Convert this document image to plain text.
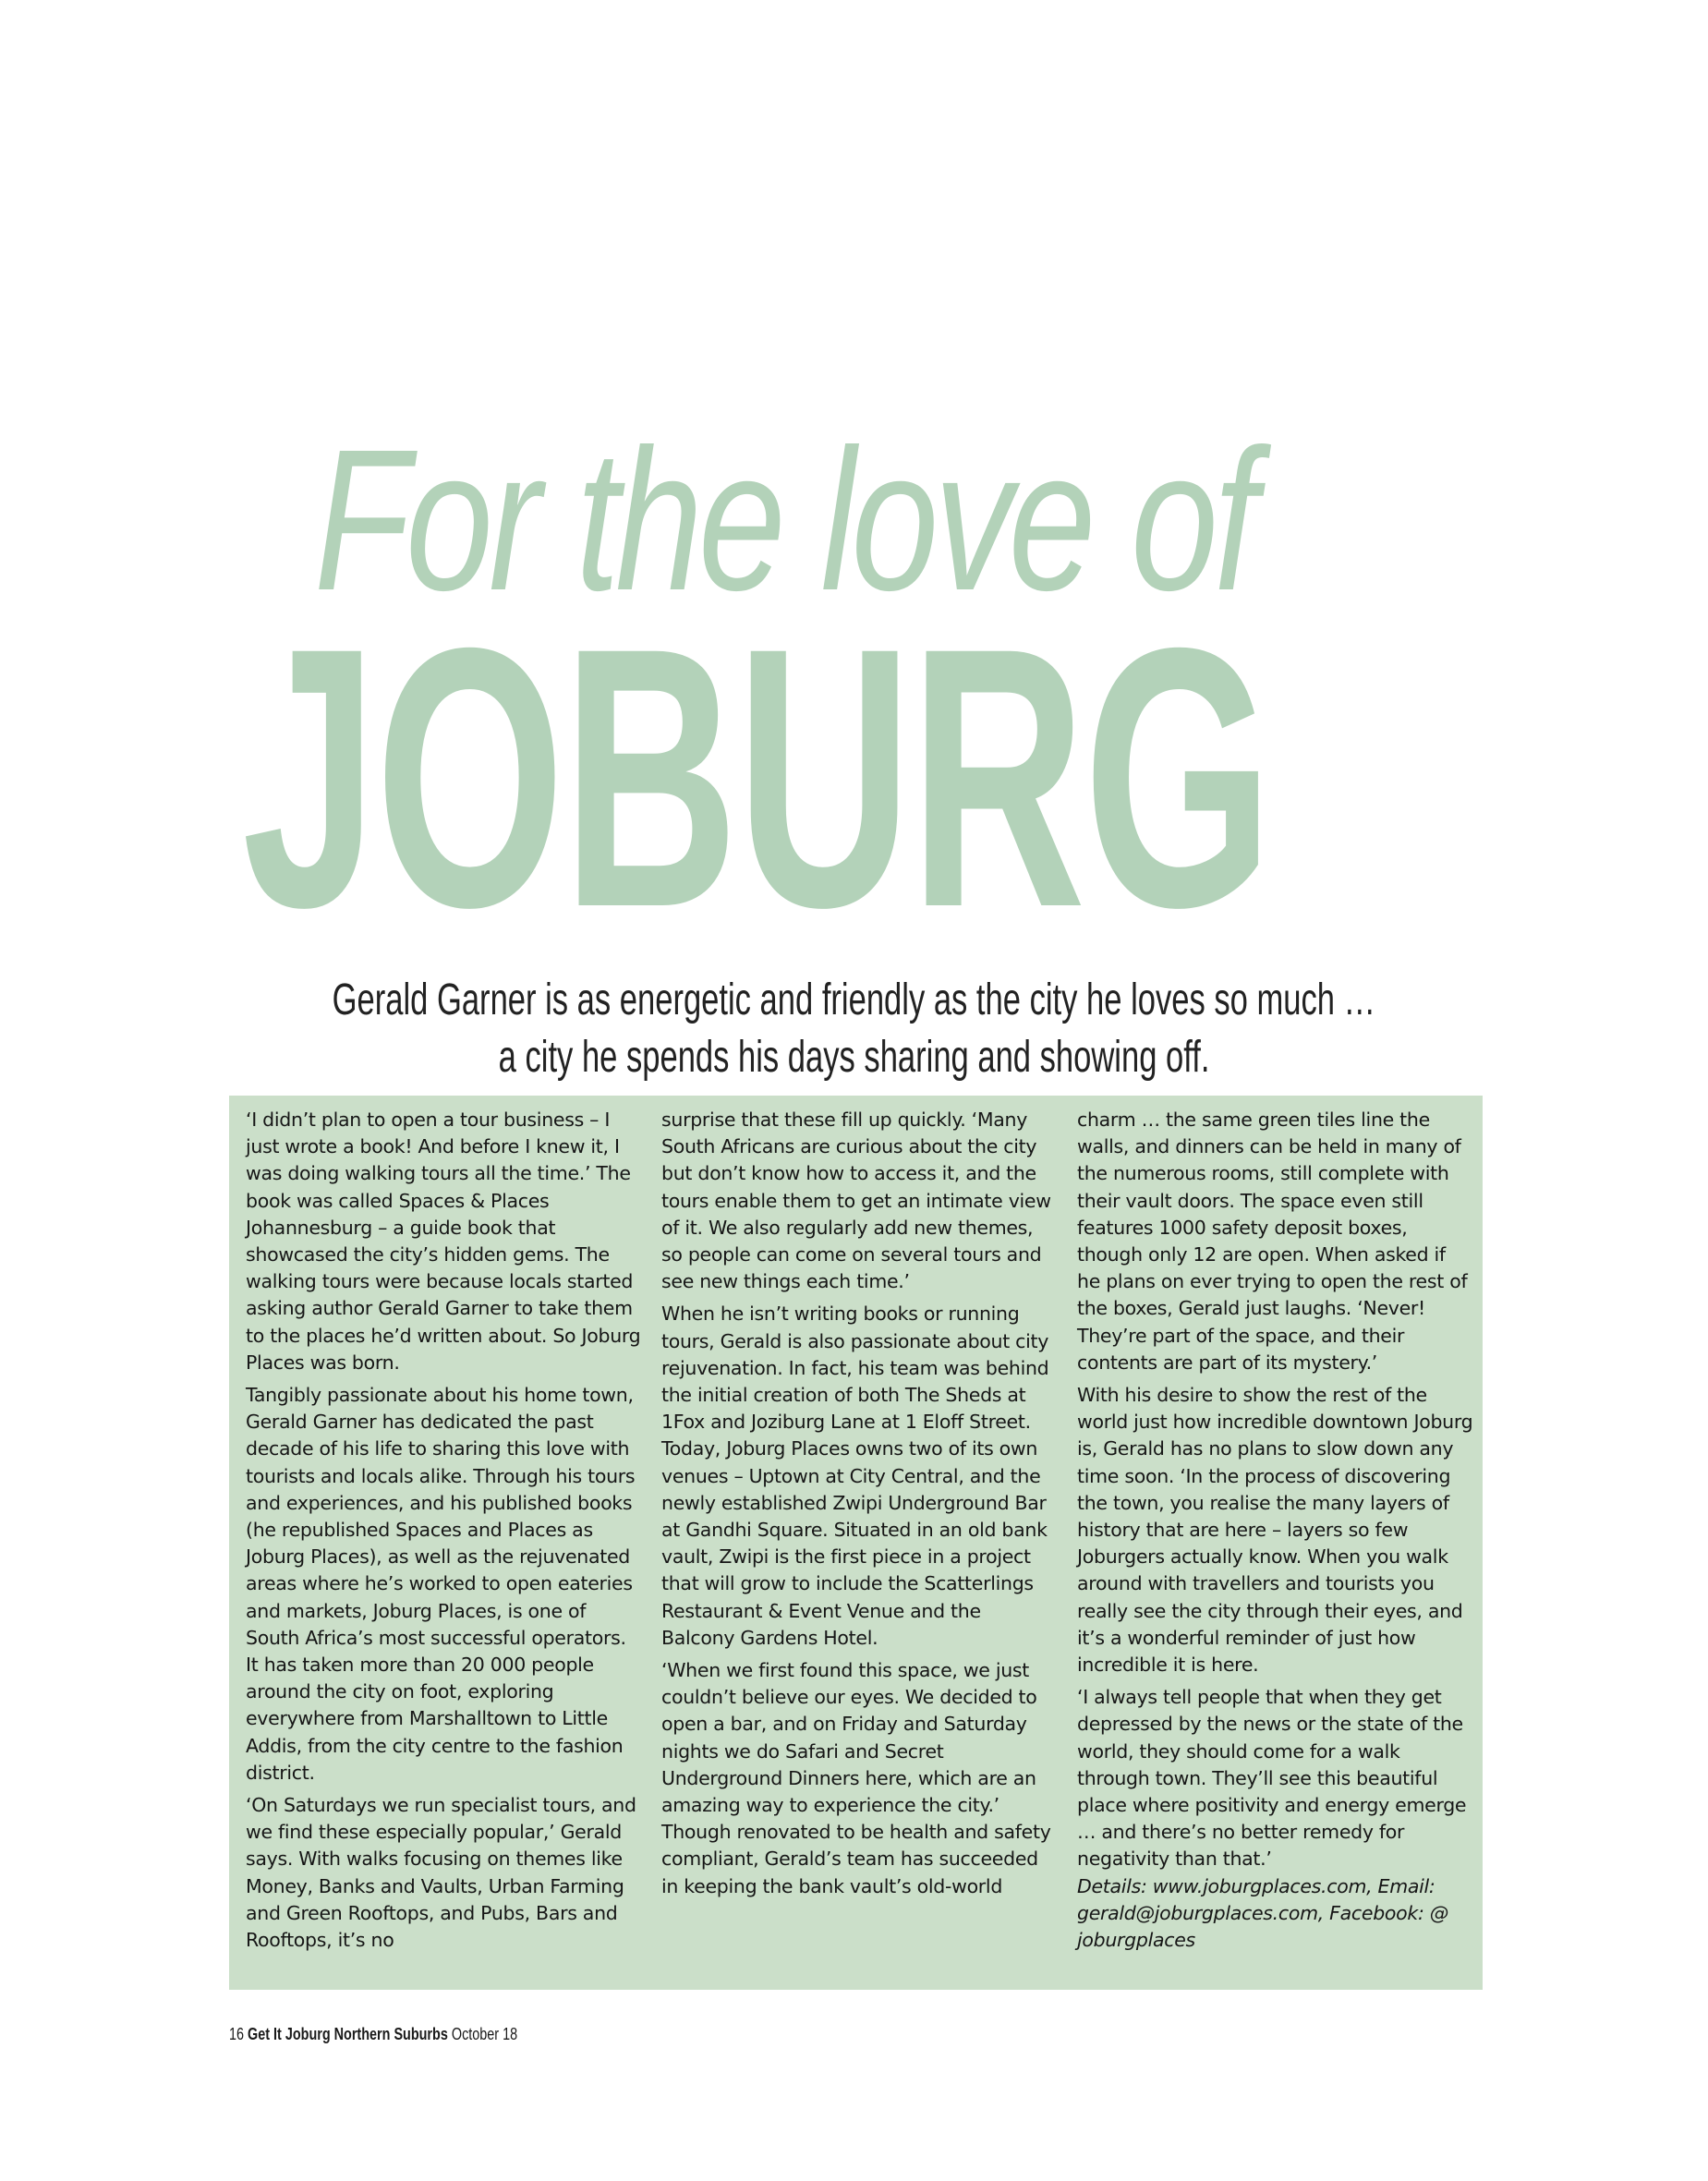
For the love of
JOBURG
Gerald Garner is as energetic and friendly as the city he loves so much …
a city he spends his days sharing and showing off.

‘I didn’t plan to open a tour business – I just wrote a book! And before I knew it, I was doing walking tours all the time.’ The book was called Spaces & Places Johannesburg – a guide book that showcased the city’s hidden gems. The walking tours were because locals started asking author Gerald Garner to take them to the places he’d written about. So Joburg Places was born.

Tangibly passionate about his home town, Gerald Garner has dedicated the past decade of his life to sharing this love with tourists and locals alike. Through his tours and experiences, and his published books (he republished Spaces and Places as Joburg Places), as well as the rejuvenated areas where he’s worked to open eateries and markets, Joburg Places, is one of South Africa’s most successful operators. It has taken more than 20 000 people around the city on foot, exploring everywhere from Marshalltown to Little Addis, from the city centre to the fashion district.

‘On Saturdays we run specialist tours, and we find these especially popular,’ Gerald says. With walks focusing on themes like Money, Banks and Vaults, Urban Farming and Green Rooftops, and Pubs, Bars and Rooftops, it’s no

surprise that these fill up quickly. ‘Many South Africans are curious about the city but don’t know how to access it, and the tours enable them to get an intimate view of it. We also regularly add new themes, so people can come on several tours and see new things each time.’

When he isn’t writing books or running tours, Gerald is also passionate about city rejuvenation. In fact, his team was behind the initial creation of both The Sheds at 1Fox and Joziburg Lane at 1 Eloff Street. Today, Joburg Places owns two of its own venues – Uptown at City Central, and the newly established Zwipi Underground Bar at Gandhi Square. Situated in an old bank vault, Zwipi is the first piece in a project that will grow to include the Scatterlings Restaurant & Event Venue and the Balcony Gardens Hotel.

‘When we first found this space, we just couldn’t believe our eyes. We decided to open a bar, and on Friday and Saturday nights we do Safari and Secret Underground Dinners here, which are an amazing way to experience the city.’ Though renovated to be health and safety compliant, Gerald’s team has succeeded in keeping the bank vault’s old-world

charm … the same green tiles line the walls, and dinners can be held in many of the numerous rooms, still complete with their vault doors. The space even still features 1000 safety deposit boxes, though only 12 are open. When asked if he plans on ever trying to open the rest of the boxes, Gerald just laughs. ‘Never! They’re part of the space, and their contents are part of its mystery.’

With his desire to show the rest of the world just how incredible downtown Joburg is, Gerald has no plans to slow down any time soon. ‘In the process of discovering the town, you realise the many layers of history that are here – layers so few Joburgers actually know. When you walk around with travellers and tourists you really see the city through their eyes, and it’s a wonderful reminder of just how incredible it is here.

‘I always tell people that when they get depressed by the news or the state of the world, they should come for a walk through town. They’ll see this beautiful place where positivity and energy emerge … and there’s no better remedy for negativity than that.’

Details: www.joburgplaces.com, Email: gerald@joburgplaces.com, Facebook: @ joburgplaces

16 Get It Joburg Northern Suburbs October 18
